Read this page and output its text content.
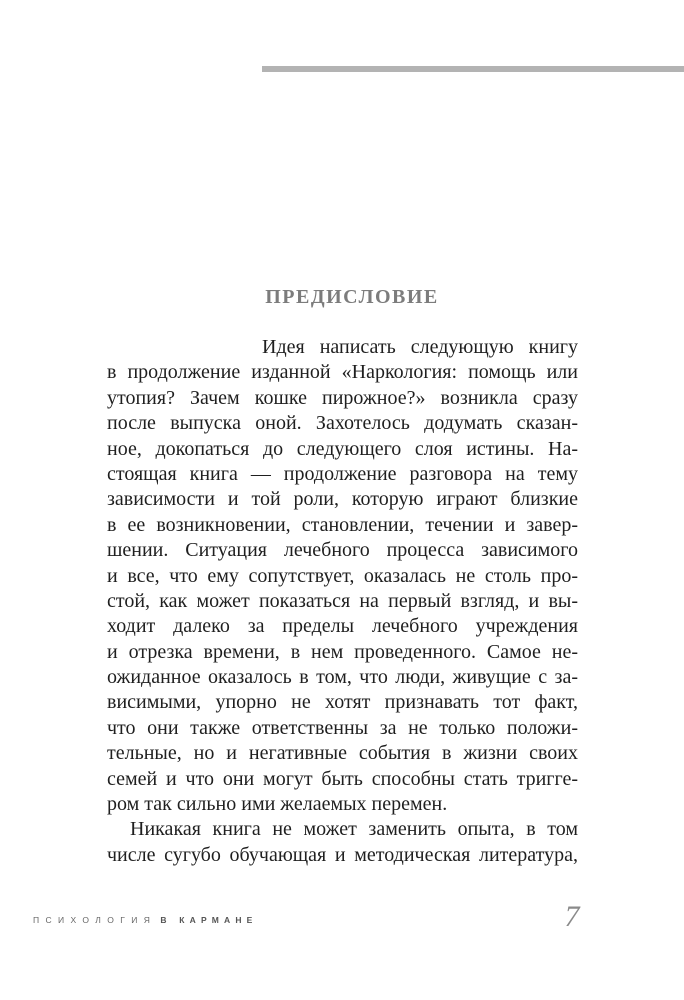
ПРЕДИСЛОВИЕ
Идея написать следующую книгу
в продолжение изданной «Наркология: помощь или
утопия? Зачем кошке пирожное?» возникла сразу
после выпуска оной. Захотелось додумать сказан-
ное, докопаться до следующего слоя истины. На-
стоящая книга — продолжение разговора на тему
зависимости и той роли, которую играют близкие
в ее возникновении, становлении, течении и завер-
шении. Ситуация лечебного процесса зависимого
и все, что ему сопутствует, оказалась не столь про-
стой, как может показаться на первый взгляд, и вы-
ходит далеко за пределы лечебного учреждения
и отрезка времени, в нем проведенного. Самое не-
ожиданное оказалось в том, что люди, живущие с за-
висимыми, упорно не хотят признавать тот факт,
что они также ответственны за не только положи-
тельные, но и негативные события в жизни своих
семей и что они могут быть способны стать тригге-
ром так сильно ими желаемых перемен.
Никакая книга не может заменить опыта, в том
числе сугубо обучающая и методическая литература,
ПСИХОЛОГИЯ В КАРМАНЕ	7
